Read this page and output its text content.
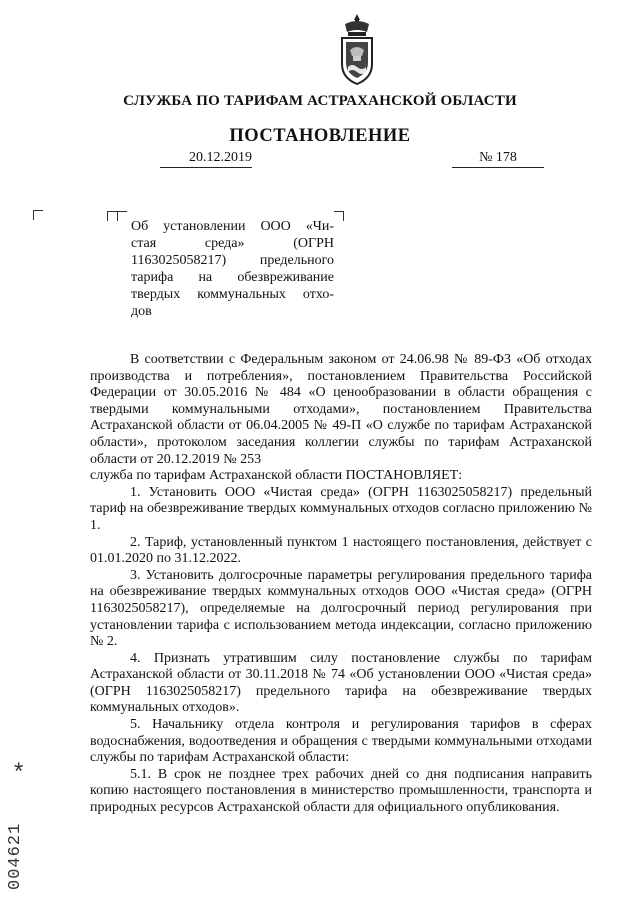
СЛУЖБА ПО ТАРИФАМ АСТРАХАНСКОЙ ОБЛАСТИ
ПОСТАНОВЛЕНИЕ
20.12.2019	№ 178
Об установлении ООО «Чи-
стая среда» (ОГРН
1163025058217) предельного
тарифа на обезвреживание
твердых коммунальных отхо-
дов

В соответствии с Федеральным законом от 24.06.98 № 89-ФЗ «Об отходах производства и потребления», постановлением Правительства Российской Федерации от 30.05.2016 № 484 «О ценообразовании в области обращения с твердыми коммунальными отходами», постановлением Правительства Астраханской области от 06.04.2005 № 49-П «О службе по тарифам Астраханской области», протоколом заседания коллегии службы по тарифам Астраханской области от 20.12.2019 № 253

служба по тарифам Астраханской области ПОСТАНОВЛЯЕТ:

1. Установить ООО «Чистая среда» (ОГРН 1163025058217) предельный тариф на обезвреживание твердых коммунальных отходов согласно приложению № 1.

2. Тариф, установленный пунктом 1 настоящего постановления, действует с 01.01.2020 по 31.12.2022.

3. Установить долгосрочные параметры регулирования предельного тарифа на обезвреживание твердых коммунальных отходов ООО «Чистая среда» (ОГРН 1163025058217), определяемые на долгосрочный период регулирования при установлении тарифа с использованием метода индексации, согласно приложению № 2.

4. Признать утратившим силу постановление службы по тарифам Астраханской области от 30.11.2018 № 74 «Об установлении ООО «Чистая среда» (ОГРН 1163025058217) предельного тарифа на обезвреживание твердых коммунальных отходов».

5. Начальнику отдела контроля и регулирования тарифов в сферах водоснабжения, водоотведения и обращения с твердыми коммунальными отходами службы по тарифам Астраханской области:

5.1. В срок не позднее трех рабочих дней со дня подписания направить копию настоящего постановления в министерство промышленности, транспорта и природных ресурсов Астраханской области для официального опубликования.

*
004621
